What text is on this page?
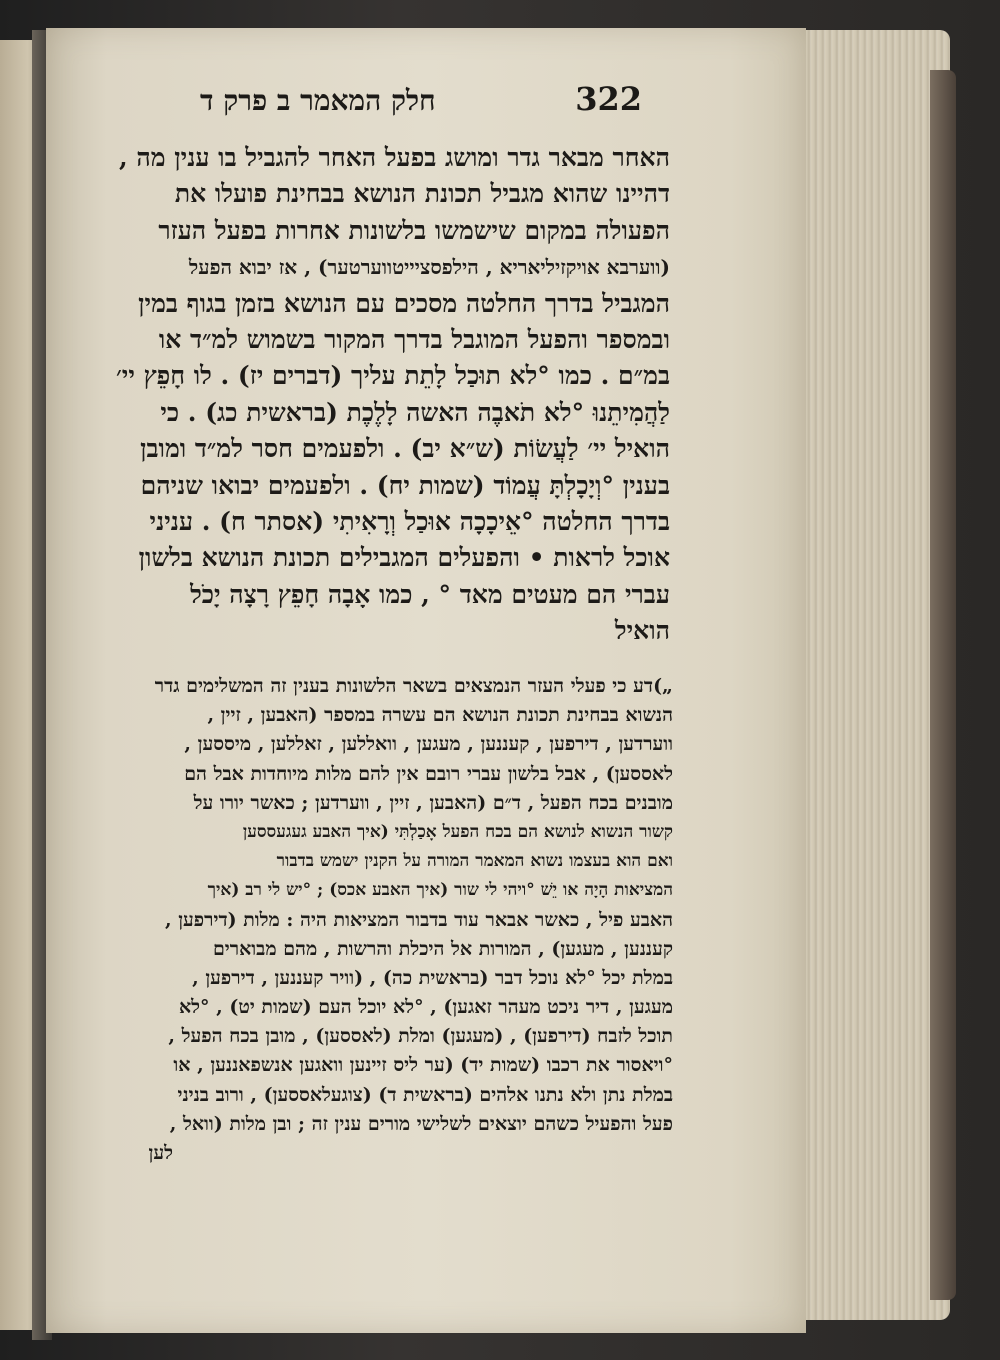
322
חלק המאמר ב פרק ד
האחר מבאר גדר ומושג בפעל האחר להגביל בו ענין מה ,
דהיינו שהוא מגביל תכונת הנושא בבחינת פועלו את
הפעולה במקום שישמשו בלשונות אחרות בפעל העזר
(ווערבא אויקזיליאריא , הילפסציייטווערטער) , אז יבוא הפעל
המגביל בדרך החלטה מסכים עם הנושא בזמן בגוף במין
ובמספר והפעל המוגבל בדרך המקור בשמוש למ״ד או
במ״ם . כמו °לא תוּכַל לָתֵת עליך (דברים יז) . לו חָפֵץ יי׳
לַהֲמִיתֵנוּ °לא תֹאבֶה האשה לָלֶכֶת (בראשית כג) . כי
הואיל יי׳ לַעֲשׂוֹת (ש״א יב) . ולפעמים חסר למ״ד ומובן
בענין °וְיָכָלְתָּ עֲמוֹד (שמות יח) . ולפעמים יבואו שניהם
בדרך החלטה °אֵיכָכָה אוּכַל וְרָאִיתִי (אסתר ח) . עניני
אוכל לראות • והפעלים המגבילים תכונת הנושא בלשון
עברי הם מעטים מאד ° , כמו אָבָה חָפֵץ רָצָה יָכֹל
הואיל
„)דע כי פעלי העזר הנמצאים בשאר הלשונות בענין זה המשלימים גדר
הנשוא בבחינת תכונת הנושא הם עשרה במספר (האבען , זיין ,
ווערדען , דירפען , קעננען , מעגען , וואללען , זאללען , מיססען ,
לאססען) , אבל בלשון עברי רובם אין להם מלות מיוחדות אבל הם
מובנים בכח הפעל , ד״ם (האבען , זיין , ווערדען ; כאשר יורו על
קשור הנשוא לנושא הם בכח הפעל אָכַלְתִּי (איך האבע געגעססען
ואם הוא בעצמו נשוא המאמר המורה על הקנין ישמש בדבור
המציאות הָיָה או יֵשׁ °ויהי לי שור (איך האבע אכס) ; °יש לי רב (איך
האבע פיל , כאשר אבאר עוד בדבור המציאות היה : מלות (דירפען ,
קעננען , מעגען) , המורות אל היכלת והרשות , מהם מבוארים
במלת יכל °לא נוכל דבר (בראשית כה) , (וויר קעננען , דירפען ,
מעגען , דיר ניכט מעהר זאגען) , °לא יוכל העם (שמות יט) , °לא
תוכל לזבח (דירפען) , (מעגען) ומלת (לאססען) , מובן בכח הפעל ,
°ויאסור את רכבו (שמות יד) (ער ליס זיינען וואגען אנשפאננען , או
במלת נתן ולא נתנו אלהים (בראשית ד) (צוגעלאססען) , ורוב בניני
פעל והפעיל כשהם יוצאים לשלישי מורים ענין זה ; ובן מלות (וואל ,
לען
